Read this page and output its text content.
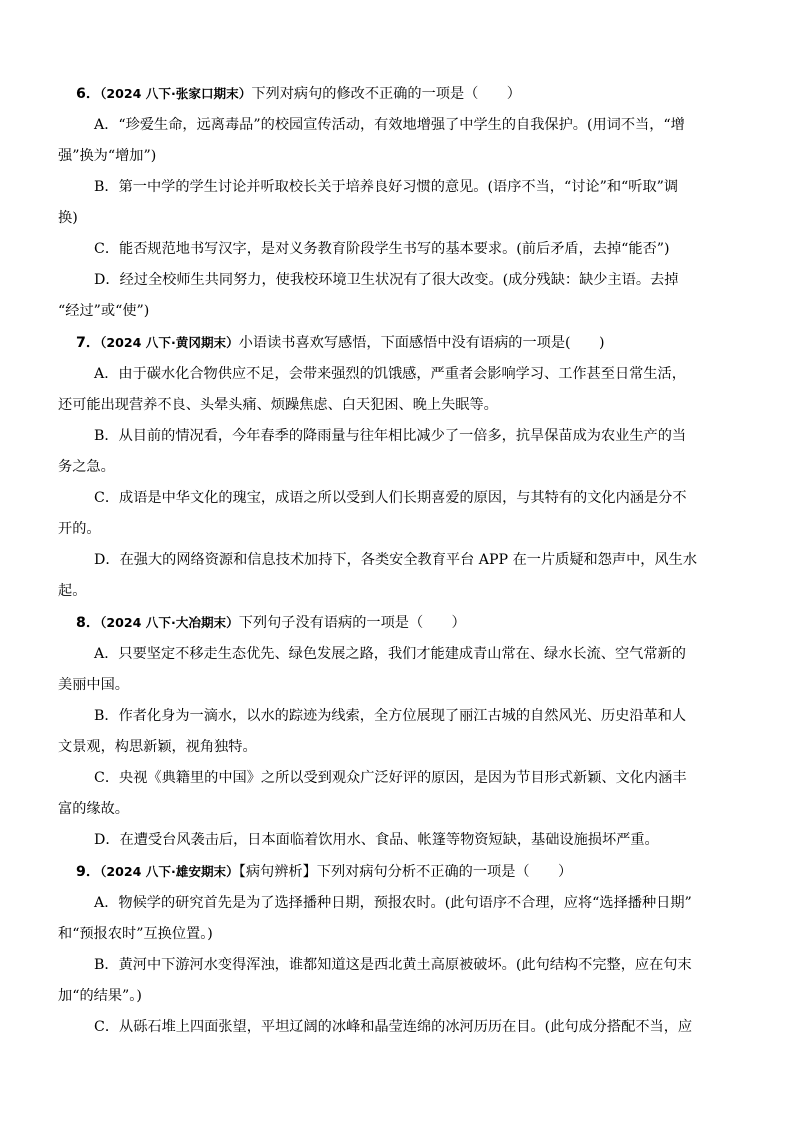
6．（2024 八下·张家口期末）下列对病句的修改不正确的一项是（　　）

A．“珍爱生命，远离毒品”的校园宣传活动，有效地增强了中学生的自我保护。(用词不当，“增
强”换为“增加”)

B．第一中学的学生讨论并听取校长关于培养良好习惯的意见。(语序不当，“讨论”和“听取”调
换)

C．能否规范地书写汉字，是对义务教育阶段学生书写的基本要求。(前后矛盾，去掉“能否”)

D．经过全校师生共同努力，使我校环境卫生状况有了很大改变。(成分残缺：缺少主语。去掉
“经过”或“使”)

7．（2024 八下·黄冈期末）小语读书喜欢写感悟，下面感悟中没有语病的一项是(　　)

A．由于碳水化合物供应不足，会带来强烈的饥饿感，严重者会影响学习、工作甚至日常生活，
还可能出现营养不良、头晕头痛、烦躁焦虑、白天犯困、晚上失眠等。

B．从目前的情况看，今年春季的降雨量与往年相比减少了一倍多，抗旱保苗成为农业生产的当
务之急。

C．成语是中华文化的瑰宝，成语之所以受到人们长期喜爱的原因，与其特有的文化内涵是分不
开的。

D．在强大的网络资源和信息技术加持下，各类安全教育平台 APP 在一片质疑和怨声中，风生水
起。

8．（2024 八下·大冶期末）下列句子没有语病的一项是（　　）

A．只要坚定不移走生态优先、绿色发展之路，我们才能建成青山常在、绿水长流、空气常新的
美丽中国。

B．作者化身为一滴水，以水的踪迹为线索，全方位展现了丽江古城的自然风光、历史沿革和人
文景观，构思新颖，视角独特。

C．央视《典籍里的中国》之所以受到观众广泛好评的原因，是因为节目形式新颖、文化内涵丰
富的缘故。

D．在遭受台风袭击后，日本面临着饮用水、食品、帐篷等物资短缺，基础设施损坏严重。

9．（2024 八下·雄安期末）【病句辨析】下列对病句分析不正确的一项是（　　）

A．物候学的研究首先是为了选择播种日期，预报农时。(此句语序不合理，应将“选择播种日期”
和“预报农时”互换位置。)

B．黄河中下游河水变得浑浊，谁都知道这是西北黄土高原被破坏。(此句结构不完整，应在句末
加“的结果”。)

C．从砾石堆上四面张望，平坦辽阔的冰峰和晶莹连绵的冰河历历在目。(此句成分搭配不当，应
